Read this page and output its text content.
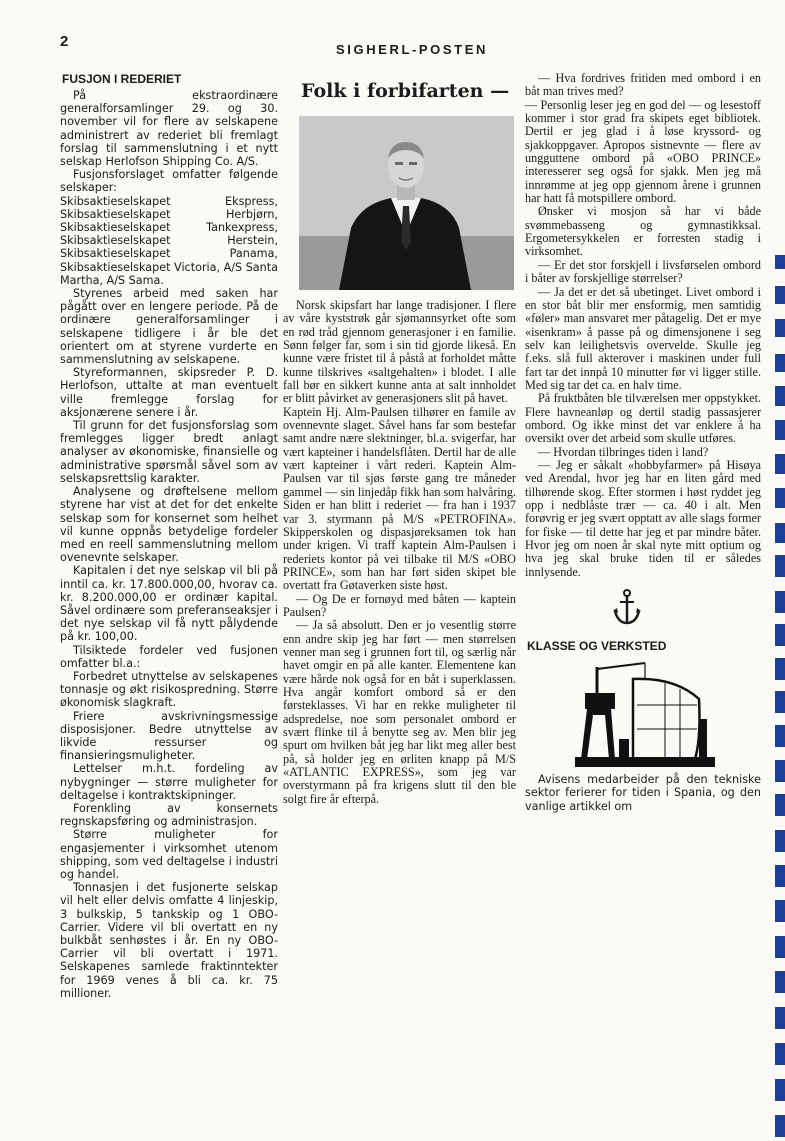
2	SIGHERL-POSTEN
FUSJON I REDERIET

På ekstraordinære generalforsamlinger 29. og 30. november vil for flere av selskapene administrert av rederiet bli fremlagt forslag til sammenslutning i et nytt selskap Herlofson Shipping Co. A/S.

Fusjonsforslaget omfatter følgende selskaper:

Skibsaktieselskapet Ekspress, Skibsaktieselskapet Herbjørn, Skibsaktieselskapet Tankexpress, Skibsaktieselskapet Herstein, Skibsaktieselskapet Panama, Skibsaktieselskapet Victoria, A/S Santa Martha, A/S Sama.

Styrenes arbeid med saken har pågått over en lengere periode. På de ordinære generalforsamlinger i selskapene tidligere i år ble det orientert om at styrene vurderte en sammenslutning av selskapene.

Styreformannen, skipsreder P. D. Herlofson, uttalte at man eventuelt ville fremlegge forslag for aksjonærene senere i år.

Til grunn for det fusjonsforslag som fremlegges ligger bredt anlagt analyser av økonomiske, finansielle og administrative spørsmål såvel som av selskapsrettslig karakter.

Analysene og drøftelsene mellom styrene har vist at det for det enkelte selskap som for konsernet som helhet vil kunne oppnås betydelige fordeler med en reell sammenslutning mellom ovenevnte selskaper.

Kapitalen i det nye selskap vil bli på inntil ca. kr. 17.800.000,00, hvorav ca. kr. 8.200.000,00 er ordinær kapital. Såvel ordinære som preferanseaksjer i det nye selskap vil få nytt pålydende på kr. 100,00.

Tilsiktede fordeler ved fusjonen omfatter bl.a.:

Forbedret utnyttelse av selskapenes tonnasje og økt risikospredning. Større økonomisk slagkraft.

Friere avskrivningsmessige disposisjoner. Bedre utnyttelse av likvide ressurser og finansieringsmuligheter.

Lettelser m.h.t. fordeling av nybygninger — større muligheter for deltagelse i kontraktskipninger.

Forenkling av konsernets regnskapsføring og administrasjon.

Større muligheter for engasjementer i virksomhet utenom shipping, som ved deltagelse i industri og handel.

Tonnasjen i det fusjonerte selskap vil helt eller delvis omfatte 4 linjeskip, 3 bulkskip, 5 tankskip og 1 OBO-Carrier. Videre vil bli overtatt en ny bulkbåt senhøstes i år. En ny OBO-Carrier vil bli overtatt i 1971. Selskapenes samlede fraktinntekter for 1969 venes å bli ca. kr. 75 millioner.

Folk i forbifarten —

Norsk skipsfart har lange tradisjoner. I flere av våre kyststrøk går sjømannsyrket ofte som en rød tråd gjennom generasjoner i en familie. Sønn følger far, som i sin tid gjorde likeså. En kunne være fristet til å påstå at forholdet måtte kunne tilskrives «saltgehalten» i blodet. I alle fall bør en sikkert kunne anta at salt innholdet er blitt påvirket av generasjoners slit på havet.

Kaptein Hj. Alm-Paulsen tilhører en famile av ovennevnte slaget. Såvel hans far som bestefar samt andre nære slektninger, bl.a. svigerfar, har vært kapteiner i handelsflåten. Dertil har de alle vært kapteiner i vårt rederi. Kaptein Alm-Paulsen var til sjøs første gang tre måneder gammel — sin linjedåp fikk han som halvåring. Siden er han blitt i rederiet — fra han i 1937 var 3. styrmann på M/S «PETROFINA». Skipperskolen og dispasjøreksamen tok han under krigen. Vi traff kaptein Alm-Paulsen i rederiets kontor på vei tilbake til M/S «OBO PRINCE», som han har ført siden skipet ble overtatt fra Gøtaverken siste høst.

— Og De er fornøyd med båten — kaptein Paulsen?

— Ja så absolutt. Den er jo vesentlig større enn andre skip jeg har ført — men størrelsen venner man seg i grunnen fort til, og særlig når havet omgir en på alle kanter. Elementene kan være hårde nok også for en båt i superklassen. Hva angår komfort ombord så er den førsteklasses. Vi har en rekke muligheter til adspredelse, noe som personalet ombord er svært flinke til å benytte seg av. Men blir jeg spurt om hvilken båt jeg har likt meg aller best på, så holder jeg en ørliten knapp på M/S «ATLANTIC EXPRESS», som jeg var overstyrmann på fra krigens slutt til den ble solgt fire år efterpå.

— Hva fordrives fritiden med ombord i en båt man trives med?

— Personlig leser jeg en god del — og lesestoff kommer i stor grad fra skipets eget bibliotek. Dertil er jeg glad i å løse kryssord- og sjakkoppgaver. Apropos sistnevnte — flere av ungguttene ombord på «OBO PRINCE» interesserer seg også for sjakk. Men jeg må innrømme at jeg opp gjennom årene i grunnen har hatt få motspillere ombord.

Ønsker vi mosjon så har vi både svømmebasseng og gymnastikksal. Ergometersykkelen er forresten stadig i virksomhet.

— Er det stor forskjell i livsførselen ombord i båter av forskjellige størrelser?

— Ja det er det så ubetinget. Livet ombord i en stor båt blir mer ensformig, men samtidig «føler» man ansvaret mer påtagelig. Det er mye «isenkram» å passe på og dimensjonene i seg selv kan leilighetsvis overvelde. Skulle jeg f.eks. slå full akterover i maskinen under full fart tar det innpå 10 minutter før vi ligger stille. Med sig tar det ca. en halv time.

På fruktbåten ble tilværelsen mer oppstykket. Flere havneanløp og dertil stadig passasjerer ombord. Og ikke minst det var enklere å ha oversikt over det arbeid som skulle utføres.

— Hvordan tilbringes tiden i land?

— Jeg er såkalt «hobbyfarmer» på Hisøya ved Arendal, hvor jeg har en liten gård med tilhørende skog. Efter stormen i høst ryddet jeg opp i nedblåste trær — ca. 40 i alt. Men forøvrig er jeg svært opptatt av alle slags former for fiske — til dette har jeg et par mindre båter. Hvor jeg om noen år skal nyte mitt optium og hva jeg skal bruke tiden til er således innlysende.

KLASSE OG VERKSTED

Avisens medarbeider på den tekniske sektor ferierer for tiden i Spania, og den vanlige artikkel om
